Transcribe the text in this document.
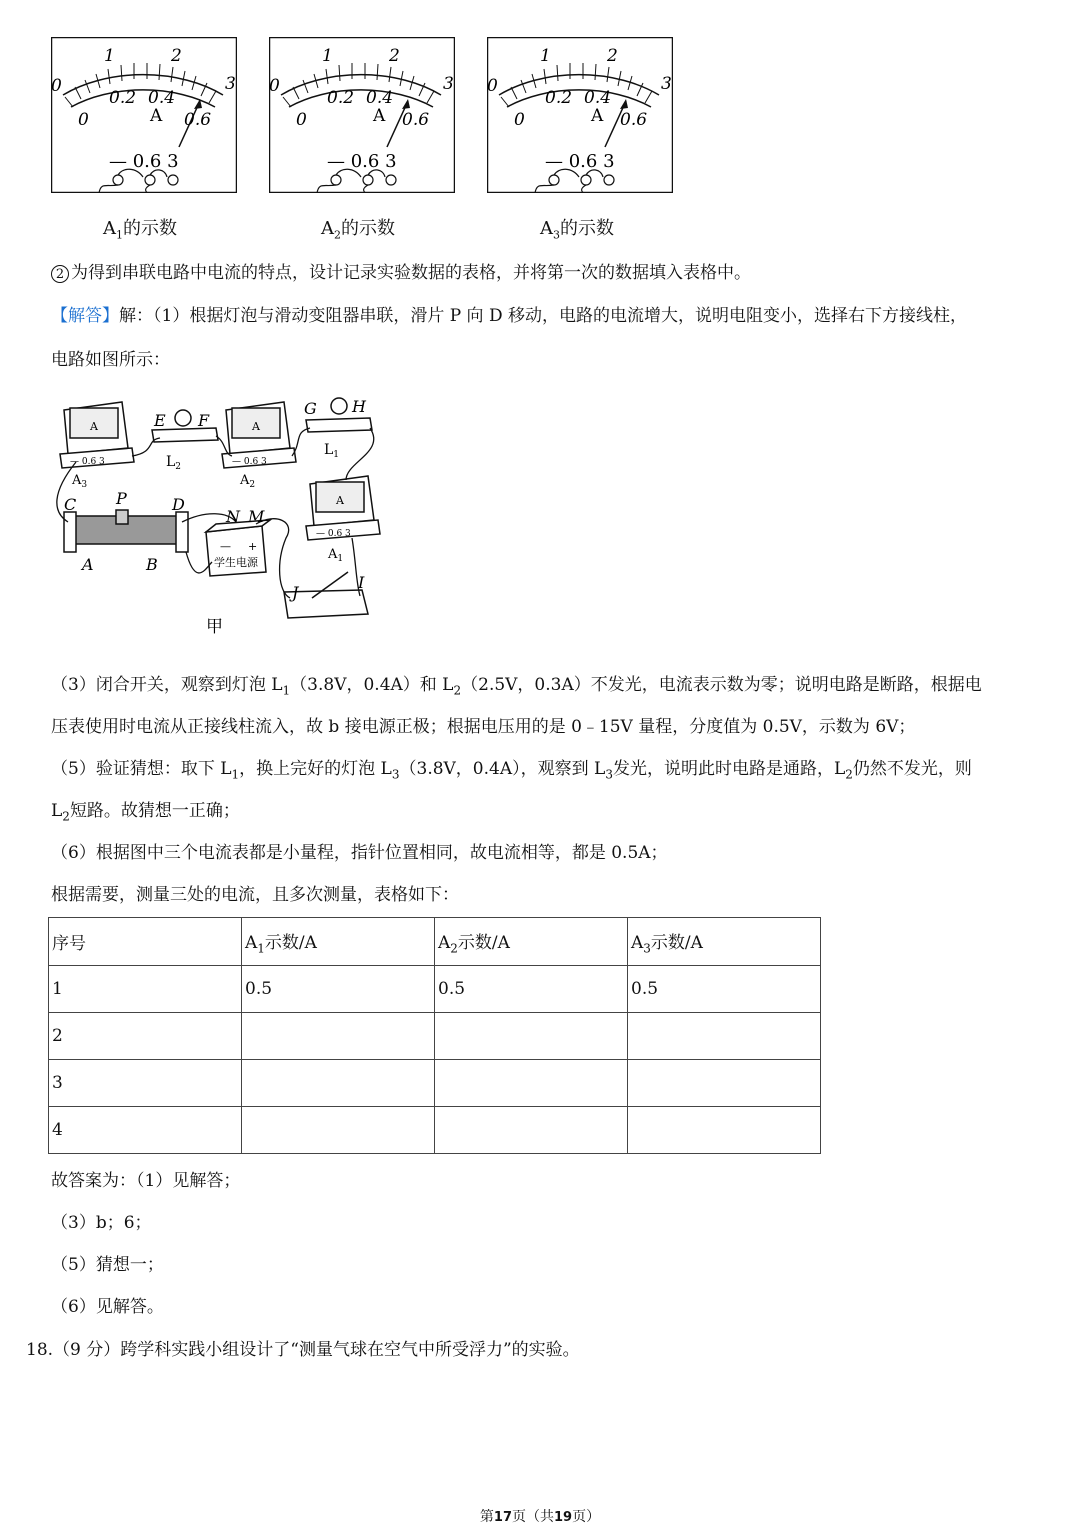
1	2
0	3
0.2 0.4
0.6
0	A
— 0.6 3
$A_1$的示数
1	2
0	3
0.2 0.4
0.6
0	A
— 0.6 3
$A_2$的示数
1	2
0	3
0.2 0.4
0.6
0	A
— 0.6 3
$A_3$的示数
2 为得到串联电路中电流的特点，设计记录实验数据的表格，并将第一次的数据填入表格中。
【解答】解：（1）根据灯泡与滑动变阻器串联，滑片 P 向 D 移动，电路的电流增大，说明电阻变小，选择右下方接线柱，
电路如图所示：
$A_3$
E F
$L_2$
$A_2$
G H
$L_1$
$A_1$
A	A
A
— 0.6 3	— 0.6 3
— 0.6 3
C P	D
A	B
N M
— +
学生电源
J
I
甲
（3）闭合开关，观察到灯泡 $L_1(3.8V$，0.4A）和 $L_2(2.5V$，0.3A）不发光，电流表示数为零；说明电路是断路，根据电
压表使用时电流从正接线柱流入，故 b 接电源正极；根据电压用的是 0﹣15V 量程，分度值为 0.5V，示数为 6V；
（5）验证猜想：取下 $L_1$，换上完好的灯泡 $L_3(3.8V$，0.4A），观察到 $L_3$发光，说明此时电路是通路，$L_2$仍然不发光，则
$L_2$短路。故猜想一正确；
（6）根据图中三个电流表都是小量程，指针位置相同，故电流相等，都是 0.5A；
根据需要，测量三处的电流，且多次测量，表格如下：
序号	$A_1$示数/A	$A_2$示数/A	$A_3$示数/A
1	0.5	0.5	0.5
2			
3			
4			
故答案为：（1）见解答；
（3）b；6；
（5）猜想一；
（6）见解答。
18.（9 分）跨学科实践小组设计了“测量气球在空气中所受浮力”的实验。
第17页（共19页）
